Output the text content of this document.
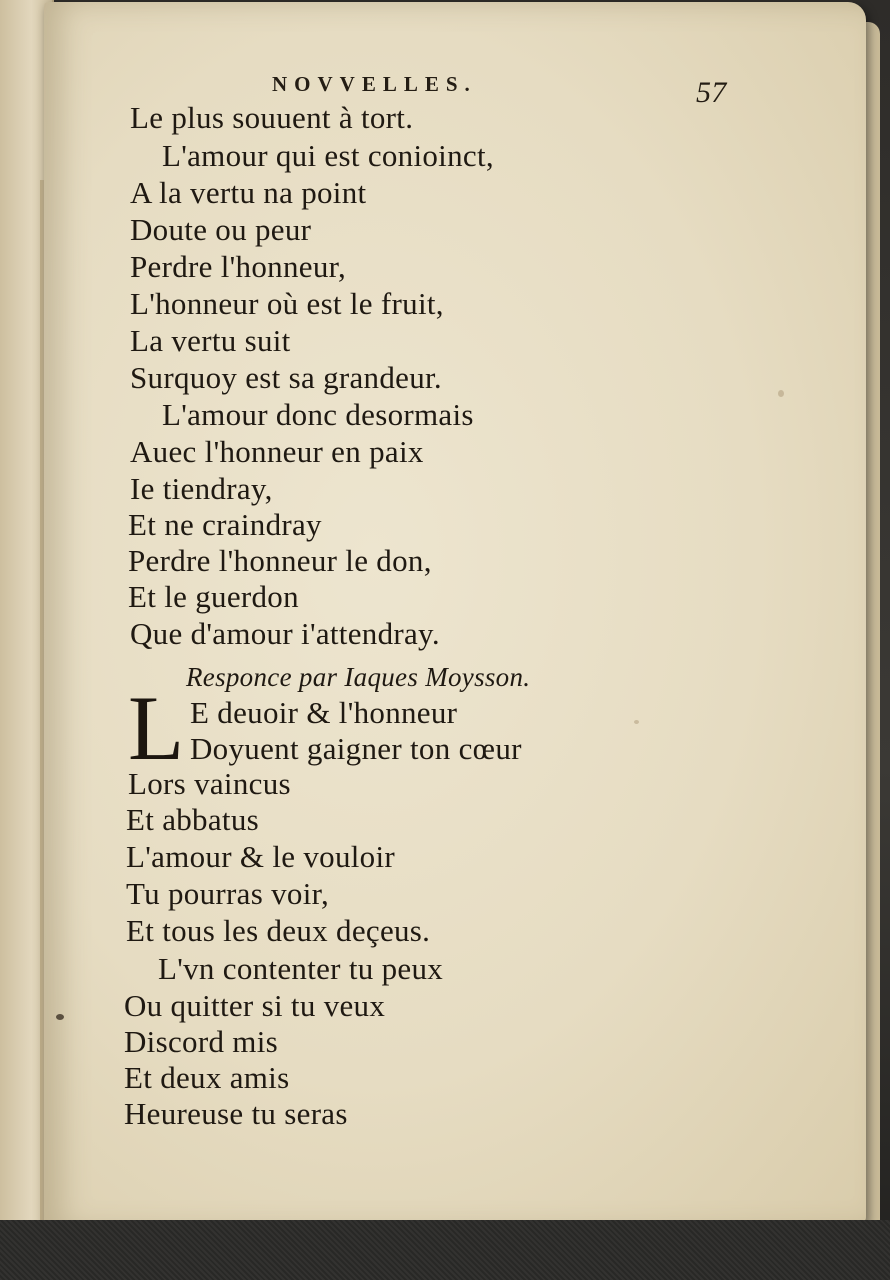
NOVVELLES.	57
Le plus souuent à tort.
L'amour qui est conioinct,
A la vertu na point
Doute ou peur
Perdre l'honneur,
L'honneur où est le fruit,
La vertu suit
Surquoy est sa grandeur.
L'amour donc desormais
Auec l'honneur en paix
Ie tiendray,
Et ne craindray
Perdre l'honneur le don,
Et le guerdon
Que d'amour i'attendray.
Responce par Iaques Moysson.
L E deuoir & l'honneur
Doyuent gaigner ton cœur
Lors vaincus
Et abbatus
L'amour & le vouloir
Tu pourras voir,
Et tous les deux deçeus.
L'vn contenter tu peux
Ou quitter si tu veux
Discord mis
Et deux amis
Heureuse tu seras
